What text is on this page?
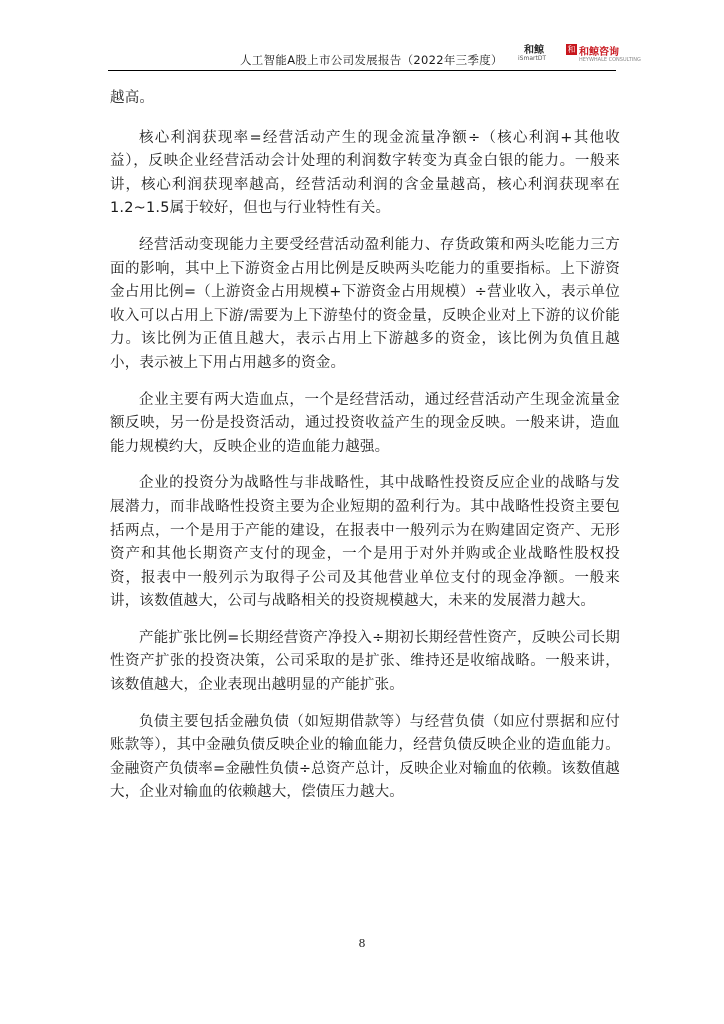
人工智能A股上市公司发展报告（2022年三季度）
和鲸
iSmartDT
和 和鲸咨询
HEYWHALE CONSULTING

越高。

核心利润获现率=经营活动产生的现金流量净额÷（核心利润+其他收益），反映企业经营活动会计处理的利润数字转变为真金白银的能力。一般来讲，核心利润获现率越高，经营活动利润的含金量越高，核心利润获现率在1.2~1.5属于较好，但也与行业特性有关。

经营活动变现能力主要受经营活动盈利能力、存货政策和两头吃能力三方面的影响，其中上下游资金占用比例是反映两头吃能力的重要指标。上下游资金占用比例=（上游资金占用规模+下游资金占用规模）÷营业收入，表示单位收入可以占用上下游/需要为上下游垫付的资金量，反映企业对上下游的议价能力。该比例为正值且越大，表示占用上下游越多的资金，该比例为负值且越小，表示被上下用占用越多的资金。

企业主要有两大造血点，一个是经营活动，通过经营活动产生现金流量金额反映，另一份是投资活动，通过投资收益产生的现金反映。一般来讲，造血能力规模约大，反映企业的造血能力越强。

企业的投资分为战略性与非战略性，其中战略性投资反应企业的战略与发展潜力，而非战略性投资主要为企业短期的盈利行为。其中战略性投资主要包括两点，一个是用于产能的建设，在报表中一般列示为在购建固定资产、无形资产和其他长期资产支付的现金，一个是用于对外并购或企业战略性股权投资，报表中一般列示为取得子公司及其他营业单位支付的现金净额。一般来讲，该数值越大，公司与战略相关的投资规模越大，未来的发展潜力越大。

产能扩张比例=长期经营资产净投入÷期初长期经营性资产，反映公司长期性资产扩张的投资决策，公司采取的是扩张、维持还是收缩战略。一般来讲，该数值越大，企业表现出越明显的产能扩张。

负债主要包括金融负债（如短期借款等）与经营负债（如应付票据和应付账款等），其中金融负债反映企业的输血能力，经营负债反映企业的造血能力。金融资产负债率=金融性负债÷总资产总计，反映企业对输血的依赖。该数值越大，企业对输血的依赖越大，偿债压力越大。

8
